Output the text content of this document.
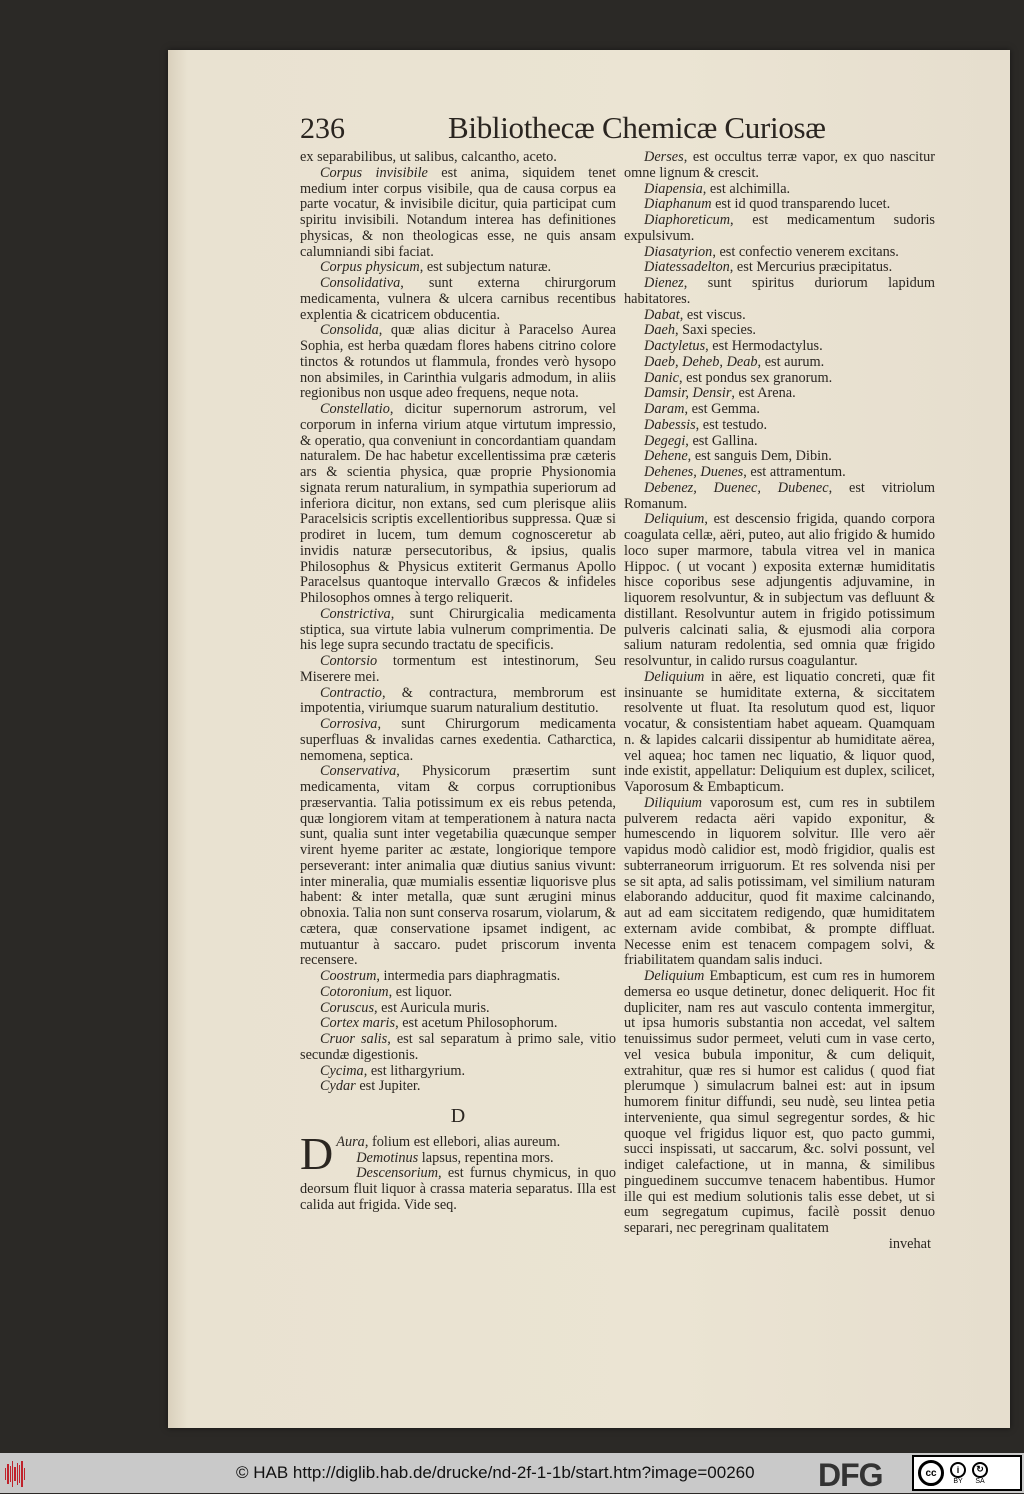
236	Bibliothecæ Chemicæ Curiosæ

ex separabilibus, ut salibus, calcantho, aceto.

Corpus invisibile est anima, siquidem tenet medium inter corpus visibile, qua de causa corpus ea parte vocatur, & invisibile dicitur, quia participat cum spiritu invisibili. Notandum interea has definitiones physicas, & non theologicas esse, ne quis ansam calumniandi sibi faciat.

Corpus physicum, est subjectum naturæ.

Consolidativa, sunt externa chirurgorum medicamenta, vulnera & ulcera carnibus recentibus explentia & cicatricem obducentia.

Consolida, quæ alias dicitur à Paracelso Aurea Sophia, est herba quædam flores habens citrino colore tinctos & rotundos ut flammula, frondes verò hysopo non absimiles, in Carinthia vulgaris admodum, in aliis regionibus non usque adeo frequens, neque nota.

Constellatio, dicitur supernorum astrorum, vel corporum in inferna virium atque virtutum impressio, & operatio, qua conveniunt in concordantiam quandam naturalem. De hac habetur excellentissima præ cæteris ars & scientia physica, quæ proprie Physionomia signata rerum naturalium, in sympathia superiorum ad inferiora dicitur, non extans, sed cum plerisque aliis Paracelsicis scriptis excellentioribus suppressa. Quæ si prodiret in lucem, tum demum cognosceretur ab invidis naturæ persecutoribus, & ipsius, qualis Philosophus & Physicus extiterit Germanus Apollo Paracelsus quantoque intervallo Græcos & infideles Philosophos omnes à tergo reliquerit.

Constrictiva, sunt Chirurgicalia medicamenta stiptica, sua virtute labia vulnerum comprimentia. De his lege supra secundo tractatu de specificis.

Contorsio tormentum est intestinorum, Seu Miserere mei.

Contractio, & contractura, membrorum est impotentia, viriumque suarum naturalium destitutio.

Corrosiva, sunt Chirurgorum medicamenta superfluas & invalidas carnes exedentia. Catharctica, nemomena, septica.

Conservativa, Physicorum præsertim sunt medicamenta, vitam & corpus corruptionibus præservantia. Talia potissimum ex eis rebus petenda, quæ longiorem vitam at temperationem à natura nacta sunt, qualia sunt inter vegetabilia quæcunque semper virent hyeme pariter ac æstate, longiorique tempore perseverant: inter animalia quæ diutius sanius vivunt: inter mineralia, quæ mumialis essentiæ liquorisve plus habent: & inter metalla, quæ sunt ærugini minus obnoxia. Talia non sunt conserva rosarum, violarum, & cætera, quæ conservatione ipsamet indigent, ac mutuantur à saccaro. pudet priscorum inventa recensere.

Coostrum, intermedia pars diaphragmatis.

Cotoronium, est liquor.

Coruscus, est Auricula muris.

Cortex maris, est acetum Philosophorum.

Cruor salis, est sal separatum à primo sale, vitio secundæ digestionis.

Cycima, est lithargyrium.

Cydar est Jupiter.

D

D Aura, folium est ellebori, alias aureum.

Demotinus lapsus, repentina mors.

Descensorium, est furnus chymicus, in quo deorsum fluit liquor à crassa materia separatus. Illa est calida aut frigida. Vide seq.

Derses, est occultus terræ vapor, ex quo nascitur omne lignum & crescit.

Diapensia, est alchimilla.

Diaphanum est id quod transparendo lucet.

Diaphoreticum, est medicamentum sudoris expulsivum.

Diasatyrion, est confectio venerem excitans.

Diatessadelton, est Mercurius præcipitatus.

Dienez, sunt spiritus duriorum lapidum habitatores.

Dabat, est viscus.

Daeh, Saxi species.

Dactyletus, est Hermodactylus.

Daeb, Deheb, Deab, est aurum.

Danic, est pondus sex granorum.

Damsir, Densir, est Arena.

Daram, est Gemma.

Dabessis, est testudo.

Degegi, est Gallina.

Dehene, est sanguis Dem, Dibin.

Dehenes, Duenes, est attramentum.

Debenez, Duenec, Dubenec, est vitriolum Romanum.

Deliquium, est descensio frigida, quando corpora coagulata cellæ, aëri, puteo, aut alio frigido & humido loco super marmore, tabula vitrea vel in manica Hippoc. ( ut vocant ) exposita externæ humiditatis hisce coporibus sese adjungentis adjuvamine, in liquorem resolvuntur, & in subjectum vas defluunt & distillant. Resolvuntur autem in frigido potissimum pulveris calcinati salia, & ejusmodi alia corpora salium naturam redolentia, sed omnia quæ frigido resolvuntur, in calido rursus coagulantur.

Deliquium in aëre, est liquatio concreti, quæ fit insinuante se humiditate externa, & siccitatem resolvente ut fluat. Ita resolutum quod est, liquor vocatur, & consistentiam habet aqueam. Quamquam n. & lapides calcarii dissipentur ab humiditate aërea, vel aquea; hoc tamen nec liquatio, & liquor quod, inde existit, appellatur: Deliquium est duplex, scilicet, Vaporosum & Embapticum.

Diliquium vaporosum est, cum res in subtilem pulverem redacta aëri vapido exponitur, & humescendo in liquorem solvitur. Ille vero aër vapidus modò calidior est, modò frigidior, qualis est subterraneorum irriguorum. Et res solvenda nisi per se sit apta, ad salis potissimam, vel similium naturam elaborando adducitur, quod fit maxime calcinando, aut ad eam siccitatem redigendo, quæ humiditatem externam avide combibat, & prompte diffluat. Necesse enim est tenacem compagem solvi, & friabilitatem quandam salis induci.

Deliquium Embapticum, est cum res in humorem demersa eo usque detinetur, donec deliquerit. Hoc fit dupliciter, nam res aut vasculo contenta immergitur, ut ipsa humoris substantia non accedat, vel saltem tenuissimus sudor permeet, veluti cum in vase certo, vel vesica bubula imponitur, & cum deliquit, extrahitur, quæ res si humor est calidus ( quod fiat plerumque ) simulacrum balnei est: aut in ipsum humorem finitur diffundi, seu nudè, seu lintea petia interveniente, qua simul segregentur sordes, & hic quoque vel frigidus liquor est, quo pacto gummi, succi inspissati, ut saccarum, &c. solvi possunt, vel indiget calefactione, ut in manna, & similibus pinguedinem succumve tenacem habentibus. Humor ille qui est medium solutionis talis esse debet, ut si eum segregatum cupimus, facilè possit denuo separari, nec peregrinam qualitatem

invehat
© HAB http://diglib.hab.de/drucke/nd-2f-1-1b/start.htm?image=00260 DFG	cc	i
BY
↻
SA
